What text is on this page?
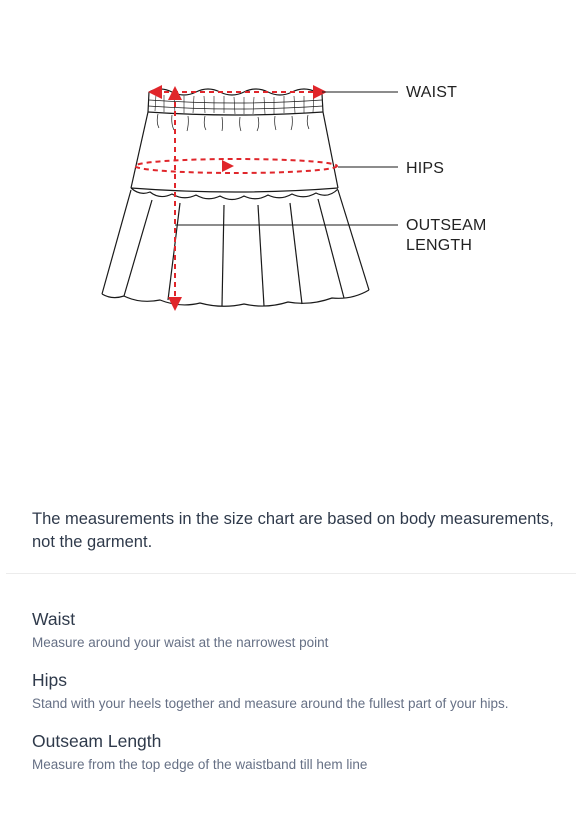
WAIST
HIPS
OUTSEAM
LENGTH
The measurements in the size chart are based on body measurements, not the garment.
Waist
Measure around your waist at the narrowest point
Hips
Stand with your heels together and measure around the fullest part of your hips.
Outseam Length
Measure from the top edge of the waistband till hem line
